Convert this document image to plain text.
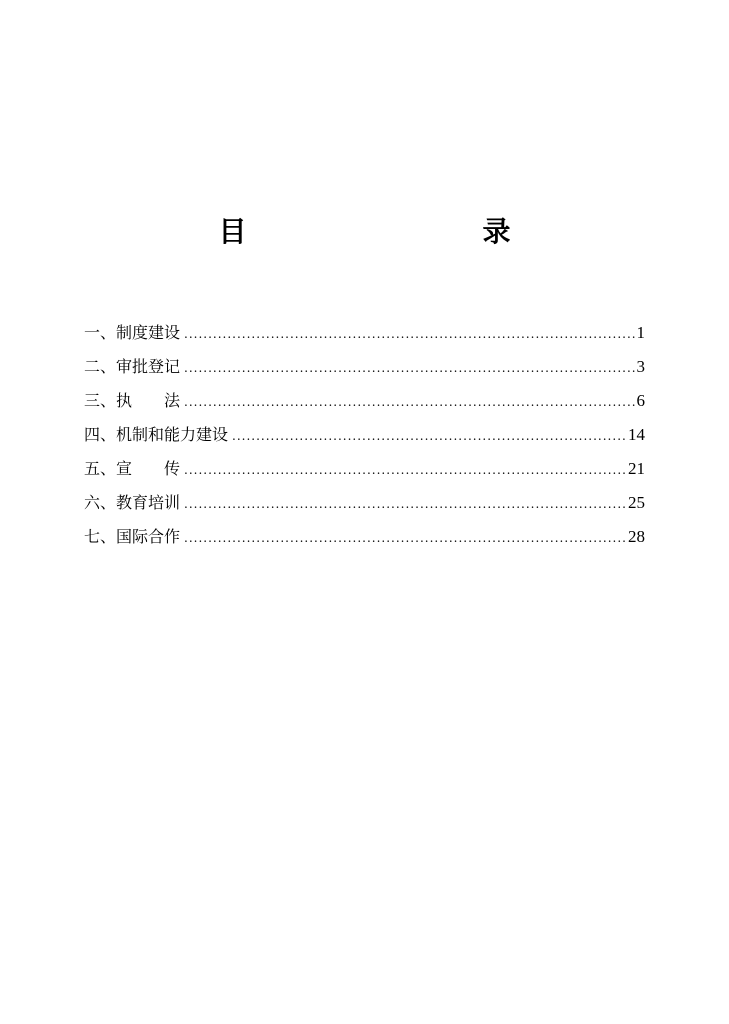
目　　录
一、 制度建设 .....	1
二、 审批登记 .....	3
三、 执　　法 .....	6
四、 机制和能力建设 .....	14
五、 宣　　传 .....	21
六、 教育培训 .....	25
七、 国际合作 .....	28
